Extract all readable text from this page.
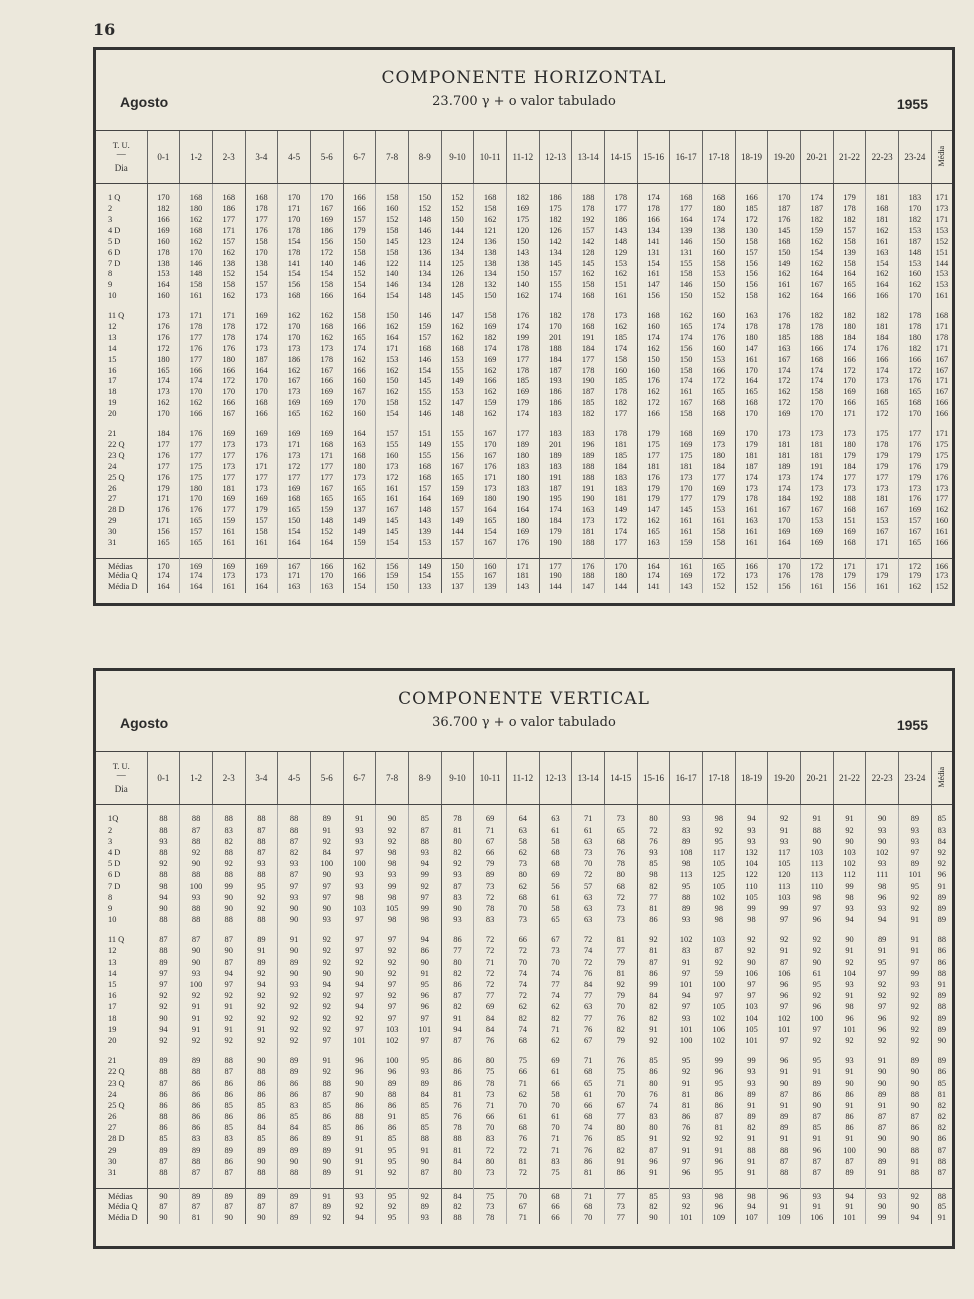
16
COMPONENTE HORIZONTAL
Agosto	23.700 γ + o valor tabulado	1955
T. U.
—
Dia	0-1	1-2	2-3	3-4	4-5	5-6	6-7	7-8	8-9	9-10	10-11	11-12	12-13	13-14	14-15	15-16	16-17	17-18	18-19	19-20	20-21	21-22	22-23	23-24	Média

1 Q	170	168	168	168	170	170	166	158	150	152	168	182	186	188	178	174	168	168	166	170	174	179	181	183	171
2	182	180	186	178	171	167	166	160	152	152	158	169	175	178	177	178	177	180	185	187	187	178	168	170	173
3	166	162	177	177	170	169	157	152	148	150	162	175	182	192	186	166	164	174	172	176	182	182	181	182	171
4 D	169	168	171	176	178	186	179	158	146	144	121	120	126	157	143	134	139	138	130	145	159	157	162	153	153
5 D	160	162	157	158	154	156	150	145	123	124	136	150	142	142	148	141	146	150	158	168	162	158	161	187	152
6 D	178	170	162	170	178	172	158	158	136	134	138	143	134	128	129	131	131	160	157	150	154	139	163	148	151
7 D	138	146	138	138	141	140	146	122	114	125	138	138	145	145	153	154	155	158	156	149	162	158	154	153	144
8	153	148	152	154	154	154	152	140	134	126	134	150	157	162	162	161	158	153	156	162	164	164	162	160	153
9	164	158	158	157	156	158	154	146	134	128	132	140	155	158	151	147	146	150	156	161	167	165	164	162	153
10	160	161	162	173	168	166	164	154	148	145	150	162	174	168	161	156	150	152	158	162	164	166	166	170	161

11 Q	173	171	171	169	162	162	158	150	146	147	158	176	182	178	173	168	162	160	163	176	182	182	182	178	168
12	176	178	178	172	170	168	166	162	159	162	169	174	170	168	162	160	165	174	178	178	178	180	181	178	171
13	176	177	178	174	170	162	165	164	157	162	182	199	201	191	185	174	174	176	180	185	188	184	184	180	178
14	172	176	176	173	173	173	174	171	168	168	174	178	188	184	174	162	156	160	147	163	166	174	176	182	171
15	180	177	180	187	186	178	162	153	146	153	169	177	184	177	158	150	150	153	161	167	168	166	166	166	167
16	165	166	166	164	162	167	166	162	154	155	162	178	187	178	160	160	158	166	170	174	174	172	174	172	167
17	174	174	172	170	167	166	160	150	145	149	166	185	193	190	185	176	174	172	164	172	174	170	173	176	171
18	173	170	170	170	173	169	167	162	155	153	162	169	186	187	178	162	161	165	165	162	158	169	168	165	167
19	162	162	166	168	169	169	170	158	152	147	159	179	186	185	182	172	167	168	168	172	170	166	165	168	166
20	170	166	167	166	165	162	160	154	146	148	162	174	183	182	177	166	158	168	170	169	170	171	172	170	166

21	184	176	169	169	169	169	164	157	151	155	167	177	183	183	178	179	168	169	170	173	173	173	175	177	171
22 Q	177	177	173	173	171	168	163	155	149	155	170	189	201	196	181	175	169	173	179	181	181	180	178	176	175
23 Q	176	177	177	176	173	171	168	160	155	156	167	180	189	189	185	177	175	180	181	181	181	179	179	179	175
24	177	175	173	171	172	177	180	173	168	167	176	183	183	188	184	181	181	184	187	189	191	184	179	176	179
25 Q	176	175	177	177	177	177	173	172	168	165	171	180	191	188	183	176	173	177	174	173	174	177	177	179	176
26	179	180	181	173	169	167	165	161	157	159	173	183	187	191	183	179	170	169	173	174	173	173	173	173	173
27	171	170	169	169	168	165	165	161	164	169	180	190	195	190	181	179	177	179	178	184	192	188	181	176	177
28 D	176	176	177	179	165	159	137	167	148	157	164	164	174	163	149	147	145	153	161	167	167	168	167	169	162
29	171	165	159	157	150	148	149	145	143	149	165	180	184	173	172	162	161	161	163	170	153	151	153	157	160
30	156	157	161	158	154	152	149	145	139	144	154	169	179	181	174	165	161	158	161	169	169	169	167	167	161
31	165	165	161	161	164	164	159	154	153	157	167	176	190	188	177	163	159	158	161	164	169	168	171	165	166

Médias	170	169	169	169	167	166	162	156	149	150	160	171	177	176	170	164	161	165	166	170	172	171	171	172	166
Média Q	174	174	173	173	171	170	166	159	154	155	167	181	190	188	180	174	169	172	173	176	178	179	179	179	173
Média D	164	164	161	164	163	163	154	150	133	137	139	143	144	147	144	141	143	152	152	156	161	156	161	162	152
COMPONENTE VERTICAL
Agosto	36.700 γ + o valor tabulado	1955
T. U.
—
Dia	0-1	1-2	2-3	3-4	4-5	5-6	6-7	7-8	8-9	9-10	10-11	11-12	12-13	13-14	14-15	15-16	16-17	17-18	18-19	19-20	20-21	21-22	22-23	23-24	Média

1Q	88	88	88	88	88	89	91	90	85	78	69	64	63	71	73	80	93	98	94	92	91	91	90	89	85
2	88	87	83	87	88	91	93	92	87	81	71	63	61	61	65	72	83	92	93	91	88	92	93	93	83
3	93	88	82	88	87	92	93	92	88	80	67	58	58	63	68	76	89	95	93	93	90	90	90	93	84
4 D	88	92	88	87	82	84	97	98	93	82	66	62	68	73	76	93	108	117	132	117	103	103	102	97	92
5 D	92	90	92	93	93	100	100	98	94	92	79	73	68	70	78	85	98	105	104	105	113	102	93	89	92
6 D	88	88	88	88	87	90	93	93	99	93	89	80	69	72	80	98	113	125	122	120	113	112	111	101	96
7 D	98	100	99	95	97	97	93	99	92	87	73	62	56	57	68	82	95	105	110	113	110	99	98	95	91
8	94	93	90	92	93	97	98	98	97	83	72	68	61	63	72	77	88	102	105	103	98	98	96	92	89
9	90	88	90	92	90	90	103	105	99	90	78	70	58	63	73	81	89	98	99	99	97	93	93	92	89
10	88	88	88	88	90	93	97	98	98	93	83	73	65	63	73	86	93	98	98	97	96	94	94	91	89

11 Q	87	87	87	89	91	92	97	97	94	86	72	66	67	72	81	92	102	103	92	92	92	90	89	91	88
12	88	90	90	91	90	92	97	92	86	77	72	72	73	74	77	81	83	87	92	91	92	91	91	91	86
13	89	90	87	89	89	92	92	92	90	80	71	70	70	72	79	87	91	92	90	87	90	92	95	97	86
14	97	93	94	92	90	90	90	92	91	82	72	74	74	76	81	86	97	59	106	106	61	104	97	99	88
15	97	100	97	94	93	94	94	97	95	86	72	74	77	84	92	99	101	100	97	96	95	93	92	93	91
16	92	92	92	92	92	92	97	92	96	87	77	72	74	77	79	84	94	97	97	96	92	91	92	92	89
17	92	91	91	92	92	92	94	97	96	82	69	62	62	63	70	82	97	105	103	97	96	98	97	92	88
18	90	91	92	92	92	92	92	97	97	91	84	82	82	77	76	82	93	102	104	102	100	96	96	92	89
19	94	91	91	91	92	92	97	103	101	94	84	74	71	76	82	91	101	106	105	101	97	101	96	92	89
20	92	92	92	92	92	97	101	102	97	87	76	68	62	67	79	92	100	102	101	97	92	92	92	92	90

21	89	89	88	90	89	91	96	100	95	86	80	75	69	71	76	85	95	99	99	96	95	93	91	89	89
22 Q	88	88	87	88	89	92	96	96	93	86	75	66	61	68	75	86	92	96	93	91	91	91	90	90	86
23 Q	87	86	86	86	86	88	90	89	89	86	78	71	66	65	71	80	91	95	93	90	89	90	90	90	85
24	86	86	86	86	86	87	90	88	84	81	73	62	58	61	70	76	81	86	89	87	86	86	89	88	81
25 Q	86	86	85	85	83	85	86	86	85	76	71	70	70	66	67	74	81	86	91	91	90	91	91	90	82
26	88	86	86	86	85	86	88	91	85	76	66	61	61	68	77	83	86	87	89	89	87	86	87	87	82
27	86	86	85	84	84	85	86	86	85	78	70	68	70	74	80	80	76	81	82	89	85	86	87	86	82
28 D	85	83	83	85	86	89	91	85	88	88	83	76	71	76	85	91	92	92	91	91	91	91	90	90	86
29	89	89	89	89	89	89	91	95	91	81	72	72	71	76	82	87	91	91	88	88	96	100	90	88	87
30	87	88	86	90	90	90	91	95	90	84	80	81	83	86	91	96	97	96	91	87	87	87	89	91	88
31	88	87	87	88	88	89	91	92	87	80	73	72	75	81	86	91	96	95	91	88	87	89	91	88	87

Médias	90	89	89	89	89	91	93	95	92	84	75	70	68	71	77	85	93	98	98	96	93	94	93	92	88
Média Q	87	87	87	87	87	89	92	92	89	82	73	67	66	68	73	82	92	96	94	91	91	91	90	90	85
Média D	90	81	90	90	89	92	94	95	93	88	78	71	66	70	77	90	101	109	107	109	106	101	99	94	91
